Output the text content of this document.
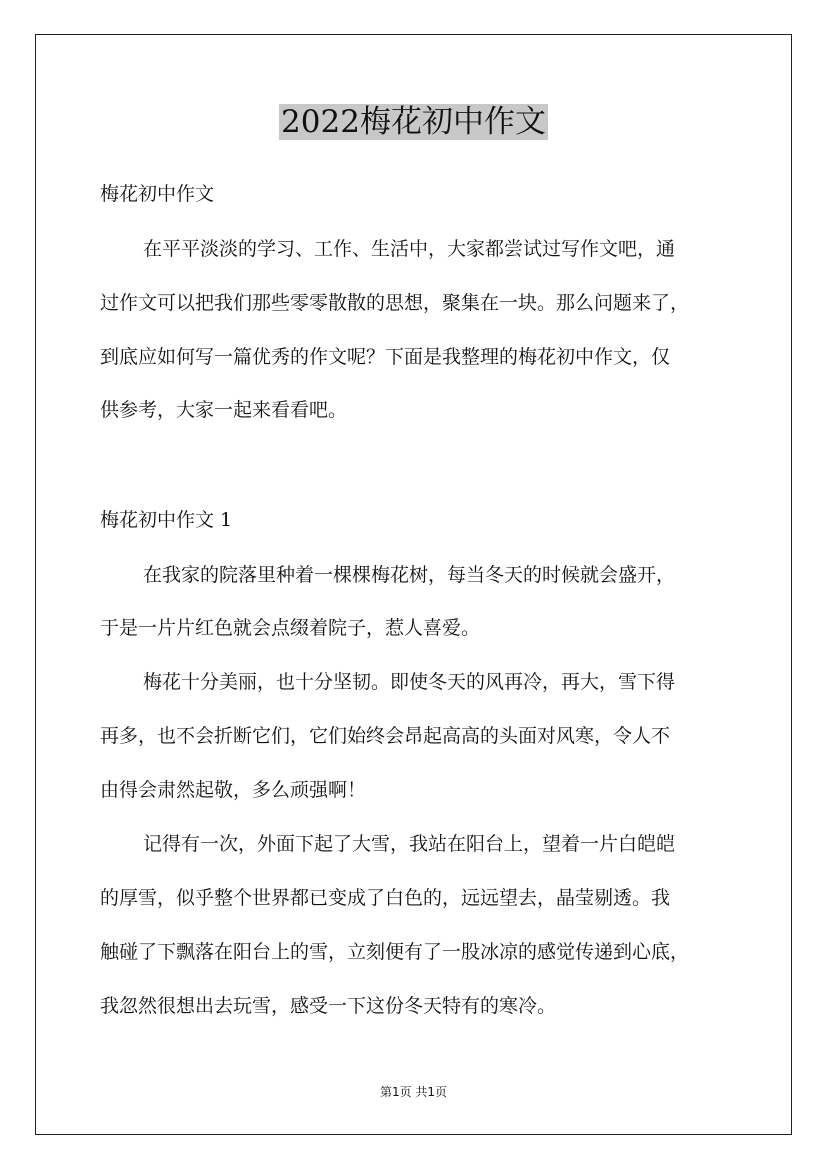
2022梅花初中作文
梅花初中作文
在平平淡淡的学习、工作、生活中，大家都尝试过写作文吧，通
过作文可以把我们那些零零散散的思想，聚集在一块。那么问题来了，
到底应如何写一篇优秀的作文呢？下面是我整理的梅花初中作文，仅
供参考，大家一起来看看吧。
梅花初中作文 1
在我家的院落里种着一棵棵梅花树，每当冬天的时候就会盛开，
于是一片片红色就会点缀着院子，惹人喜爱。
梅花十分美丽，也十分坚韧。即使冬天的风再冷，再大，雪下得
再多，也不会折断它们，它们始终会昂起高高的头面对风寒，令人不
由得会肃然起敬，多么顽强啊！
记得有一次，外面下起了大雪，我站在阳台上，望着一片白皑皑
的厚雪，似乎整个世界都已变成了白色的，远远望去，晶莹剔透。我
触碰了下飘落在阳台上的雪，立刻便有了一股冰凉的感觉传递到心底，
我忽然很想出去玩雪，感受一下这份冬天特有的寒冷。
第1页 共1页
